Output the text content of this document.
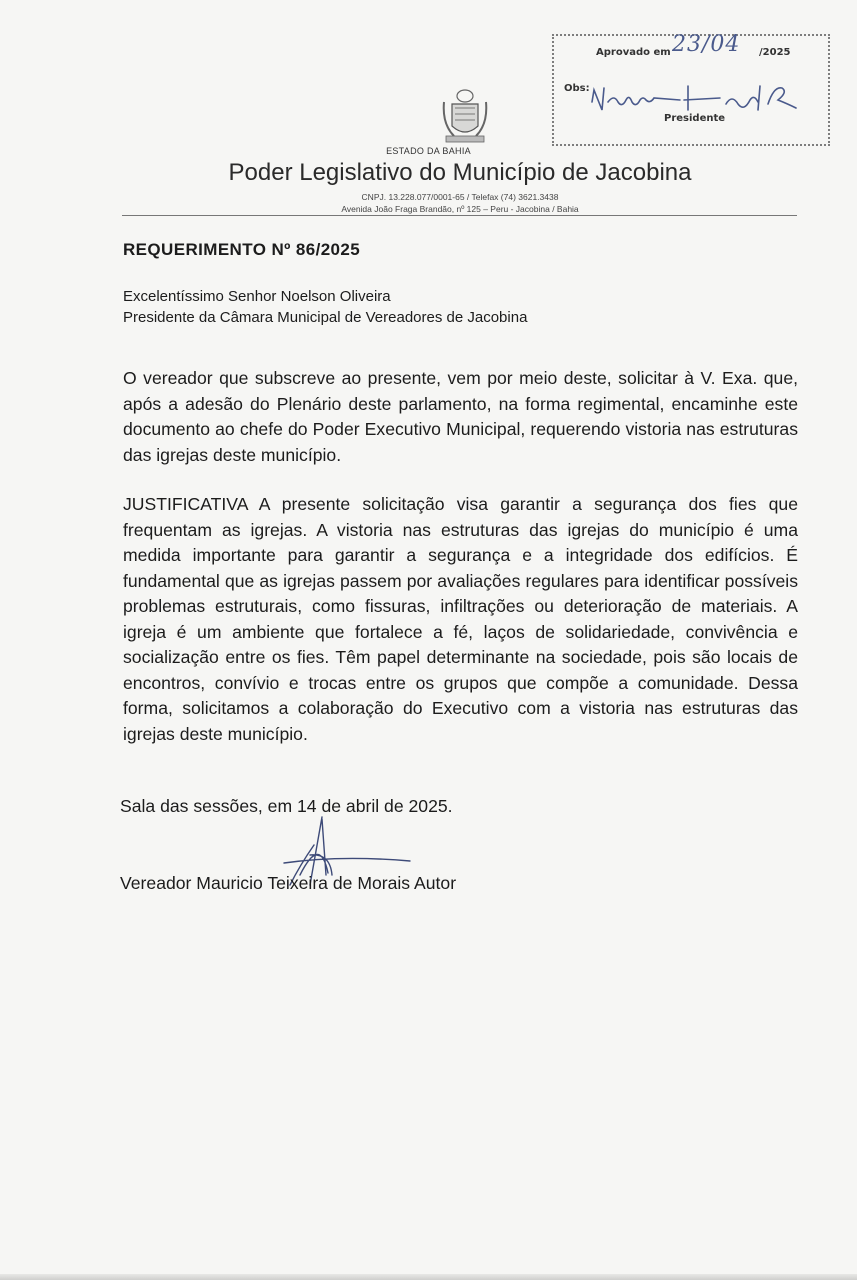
Aprovado em 23/04 /2025
Obs:
Presidente
ESTADO DA BAHIA
Poder Legislativo do Município de Jacobina
CNPJ. 13.228.077/0001-65 / Telefax (74) 3621.3438
Avenida João Fraga Brandão, nº 125 – Peru - Jacobina / Bahia
REQUERIMENTO Nº 86/2025
Excelentíssimo Senhor Noelson Oliveira
Presidente da Câmara Municipal de Vereadores de Jacobina
O vereador que subscreve ao presente, vem por meio deste, solicitar à V. Exa. que, após a adesão do Plenário deste parlamento, na forma regimental, encaminhe este documento ao chefe do Poder Executivo Municipal, requerendo vistoria nas estruturas das igrejas deste município.
JUSTIFICATIVA A presente solicitação visa garantir a segurança dos fies que frequentam as igrejas. A vistoria nas estruturas das igrejas do município é uma medida importante para garantir a segurança e a integridade dos edifícios. É fundamental que as igrejas passem por avaliações regulares para identificar possíveis problemas estruturais, como fissuras, infiltrações ou deterioração de materiais. A igreja é um ambiente que fortalece a fé, laços de solidariedade, convivência e socialização entre os fies. Têm papel determinante na sociedade, pois são locais de encontros, convívio e trocas entre os grupos que compõe a comunidade. Dessa forma, solicitamos a colaboração do Executivo com a vistoria nas estruturas das igrejas deste município.
Sala das sessões, em 14 de abril de 2025.
Vereador Mauricio Teixeira de Morais Autor
